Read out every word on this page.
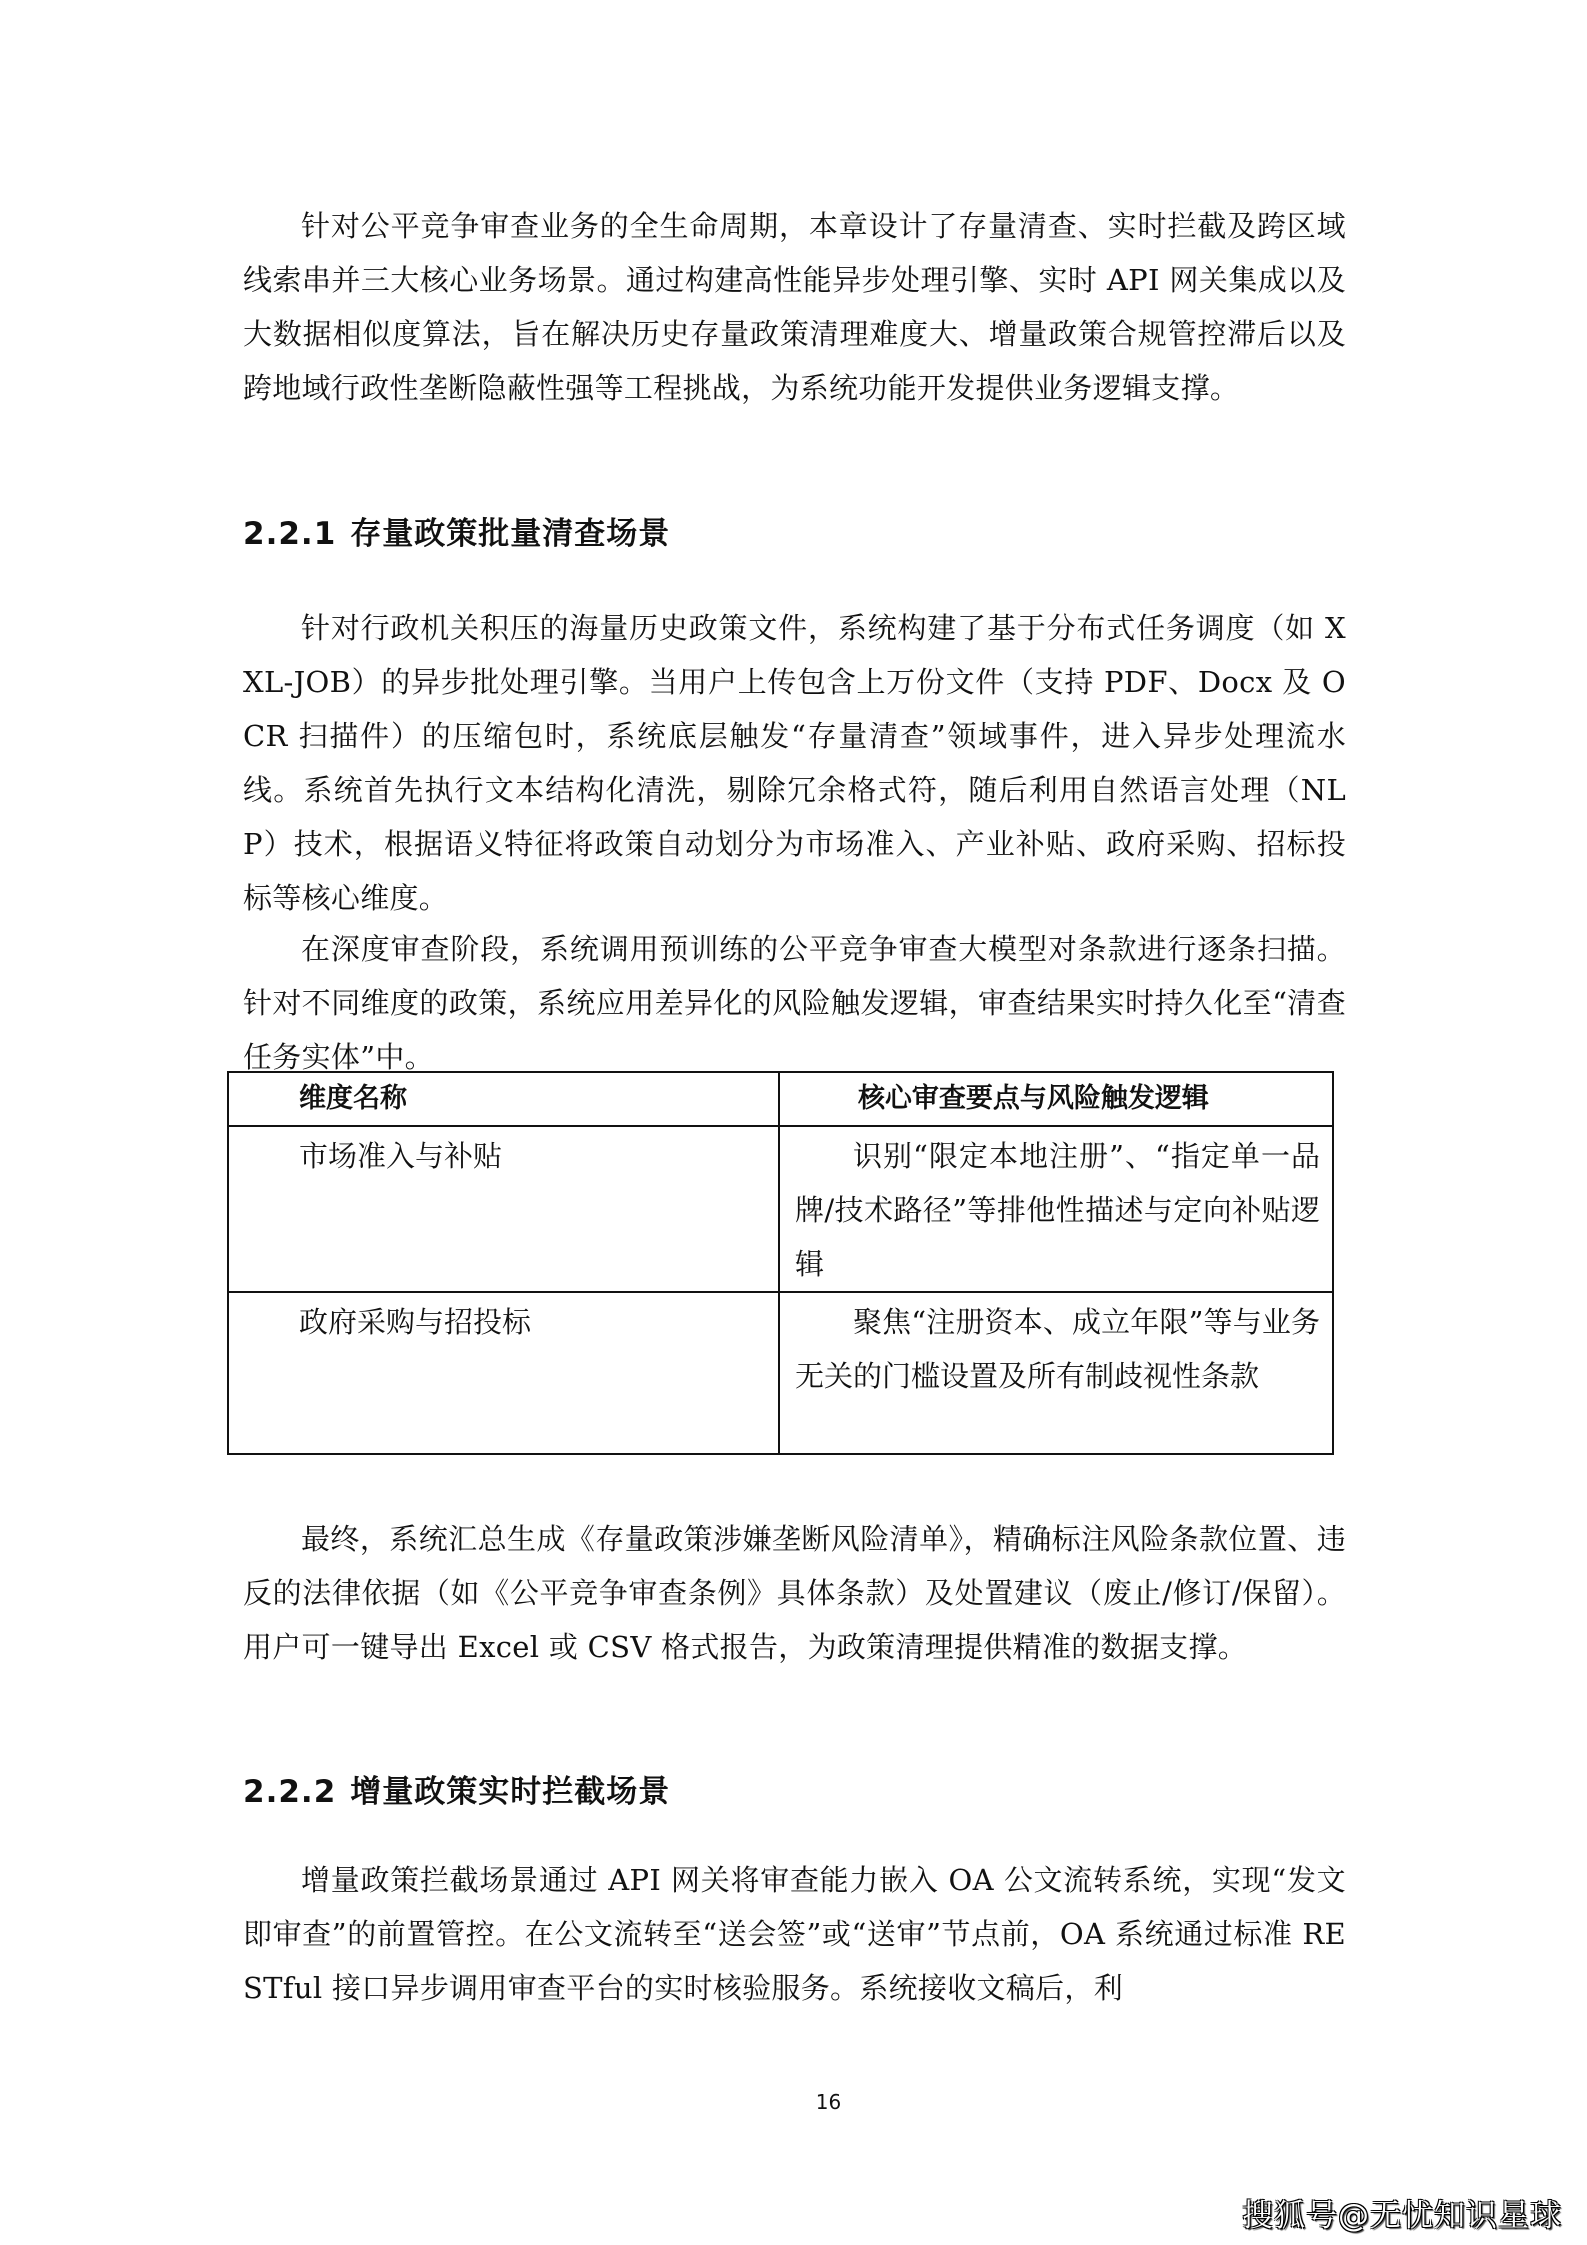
针对公平竞争审查业务的全生命周期，本章设计了存量清查、实时拦截及跨区域线索串并三大核心业务场景。通过构建高性能异步处理引擎、实时 API 网关集成以及大数据相似度算法，旨在解决历史存量政策清理难度大、增量政策合规管控滞后以及跨地域行政性垄断隐蔽性强等工程挑战，为系统功能开发提供业务逻辑支撑。

2.2.1 存量政策批量清查场景

针对行政机关积压的海量历史政策文件，系统构建了基于分布式任务调度（如 XXL-JOB）的异步批处理引擎。当用户上传包含上万份文件（支持 PDF、Docx 及 OCR 扫描件）的压缩包时，系统底层触发“存量清查”领域事件，进入异步处理流水线。系统首先执行文本结构化清洗，剔除冗余格式符，随后利用自然语言处理（NLP）技术，根据语义特征将政策自动划分为市场准入、产业补贴、政府采购、招标投标等核心维度。

在深度审查阶段，系统调用预训练的公平竞争审查大模型对条款进行逐条扫描。针对不同维度的政策，系统应用差异化的风险触发逻辑，审查结果实时持久化至“清查任务实体”中。

维度名称	核心审查要点与风险触发逻辑

市场准入与补贴	识别“限定本地注册”、“指定单一品牌/技术路径”等排他性描述与定向补贴逻辑

政府采购与招投标	聚焦“注册资本、成立年限”等与业务无关的门槛设置及所有制歧视性条款

最终，系统汇总生成《存量政策涉嫌垄断风险清单》，精确标注风险条款位置、违反的法律依据（如《公平竞争审查条例》具体条款）及处置建议（废止/修订/保留）。用户可一键导出 Excel 或 CSV 格式报告，为政策清理提供精准的数据支撑。

2.2.2 增量政策实时拦截场景

增量政策拦截场景通过 API 网关将审查能力嵌入 OA 公文流转系统，实现“发文即审查”的前置管控。在公文流转至“送会签”或“送审”节点前，OA 系统通过标准 RESTful 接口异步调用审查平台的实时核验服务。系统接收文稿后，利

16
搜狐号@无忧知识星球
